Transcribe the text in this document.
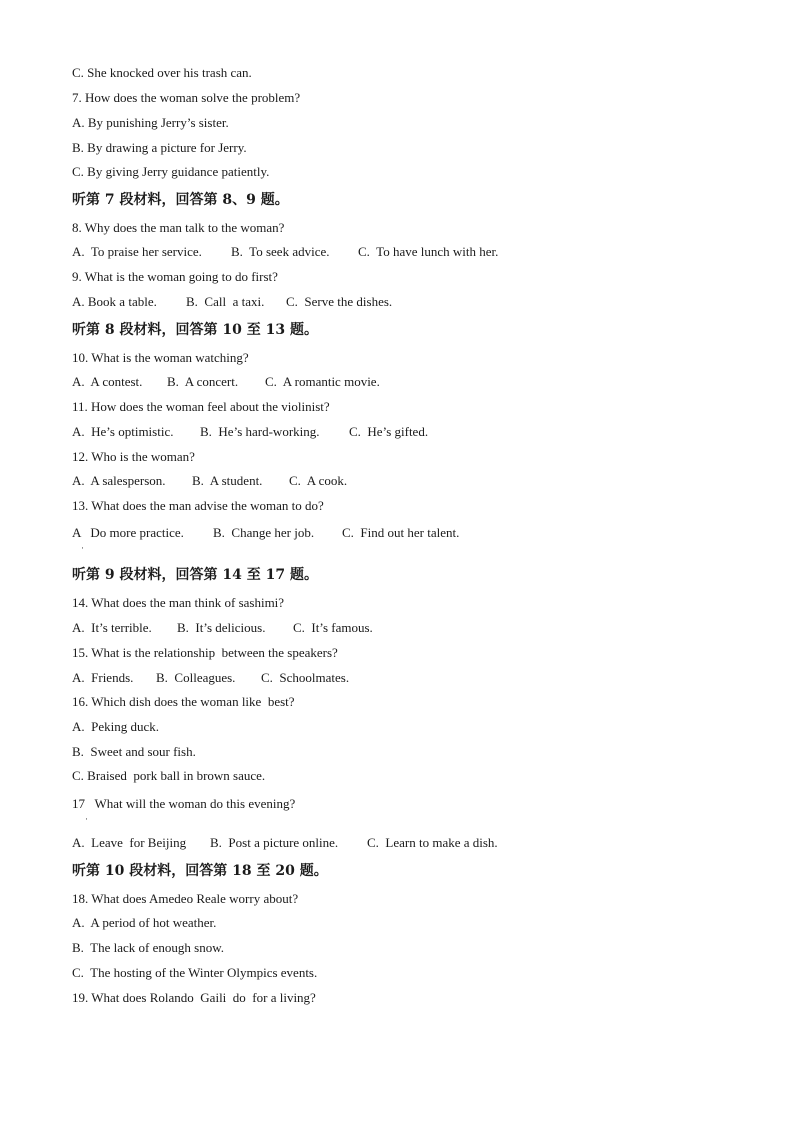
C. She knocked over his trash can.
7. How does the woman solve the problem?
A. By punishing Jerry’s sister.
B. By drawing a picture for Jerry.
C. By giving Jerry guidance patiently.
听第 7 段材料，回答第 8、9 题。
8. Why does the man talk to the woman?

A.  To praise her service.

B.  To seek advice.

C.  To have lunch with her.

9. What is the woman going to do first?

A. Book a table.

B.  Call  a taxi.

C.  Serve the dishes.

听第 8 段材料，回答第 10 至 13 题。
10. What is the woman watching?

A.  A contest.

B.  A concert.

C.  A romantic movie.

11. How does the woman feel about the violinist?

A.  He’s optimistic.

B.  He’s hard-working.

C.  He’s gifted.

12. Who is the woman?

A.  A salesperson.

B.  A student.

C.  A cook.

13. What does the man advise the woman to do?

A   Do more practice.

B.  Change her job.

C.  Find out her talent.

·
听第 9 段材料，回答第 14 至 17 题。
14. What does the man think of sashimi?

A.  It’s terrible.

B.  It’s delicious.

C.  It’s famous.

15. What is the relationship  between the speakers?

A.  Friends.

B.  Colleagues.

C.  Schoolmates.

16. Which dish does the woman like  best?
A.  Peking duck.
B.  Sweet and sour fish.
C. Braised  pork ball in brown sauce.
17   What will the woman do this evening?
·

A.  Leave  for Beijing

B.  Post a picture online.

C.  Learn to make a dish.

听第 10 段材料，回答第 18 至 20 题。
18. What does Amedeo Reale worry about?
A.  A period of hot weather.
B.  The lack of enough snow.
C.  The hosting of the Winter Olympics events.
19. What does Rolando  Gaili  do  for a living?
